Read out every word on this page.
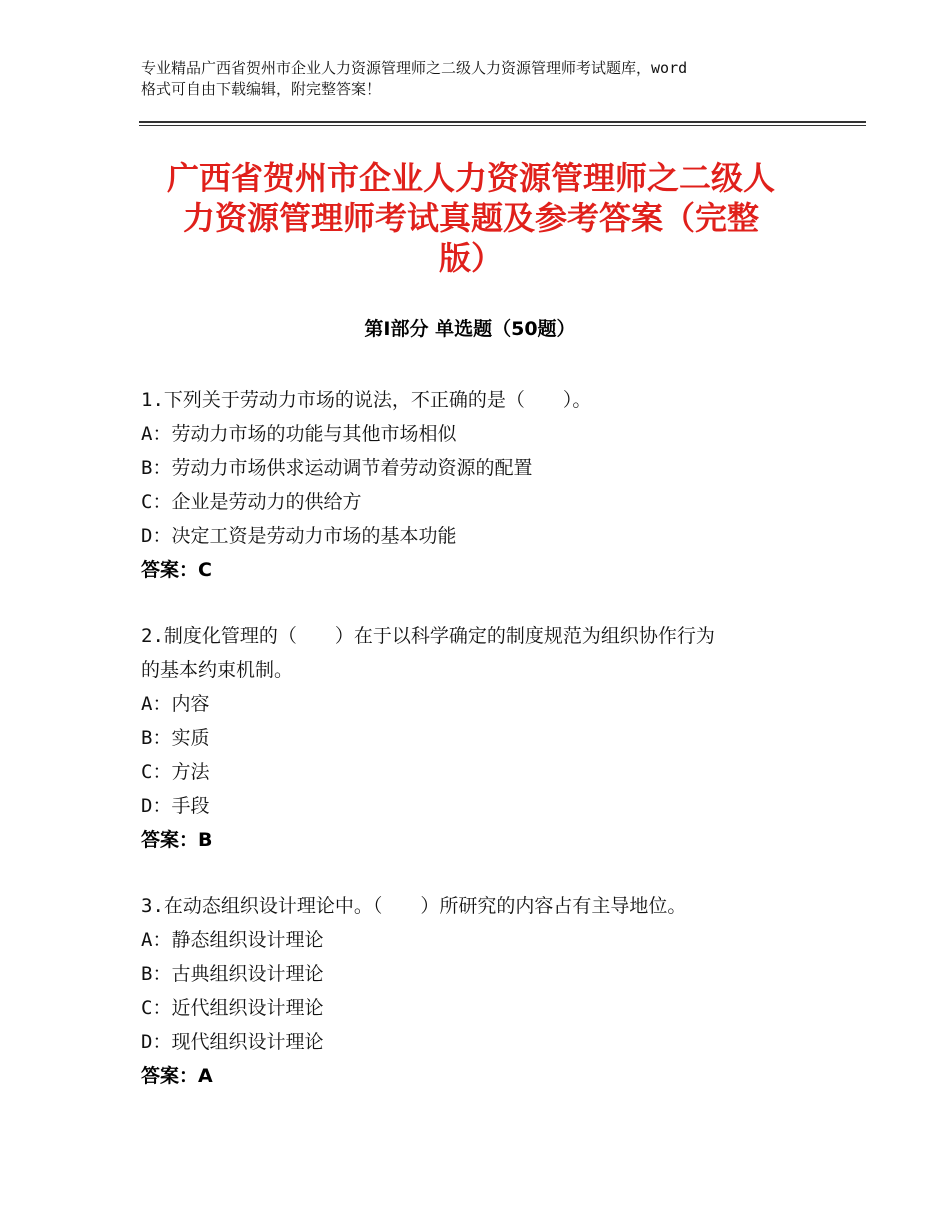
专业精品广西省贺州市企业人力资源管理师之二级人力资源管理师考试题库，word
格式可自由下载编辑，附完整答案！
广西省贺州市企业人力资源管理师之二级人
力资源管理师考试真题及参考答案（完整
版）
第Ⅰ部分 单选题（50题）

1.下列关于劳动力市场的说法，不正确的是（　　）。

A：劳动力市场的功能与其他市场相似

B：劳动力市场供求运动调节着劳动资源的配置

C：企业是劳动力的供给方

D：决定工资是劳动力市场的基本功能

答案：C

2.制度化管理的（　　）在于以科学确定的制度规范为组织协作行为

的基本约束机制。

A：内容

B：实质

C：方法

D：手段

答案：B

3.在动态组织设计理论中。（　　）所研究的内容占有主导地位。

A：静态组织设计理论

B：古典组织设计理论

C：近代组织设计理论

D：现代组织设计理论

答案：A
